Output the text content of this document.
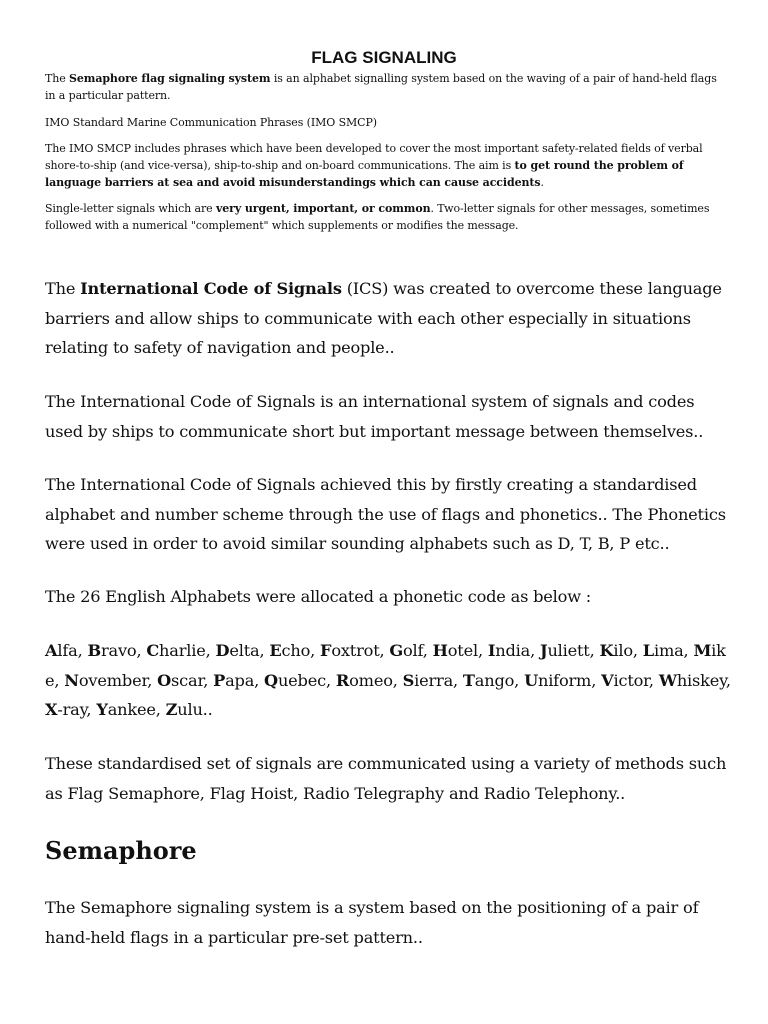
FLAG SIGNALING

The Semaphore flag signaling system is an alphabet signalling system based on the waving of a pair of hand-held flags in a particular pattern.

IMO Standard Marine Communication Phrases (IMO SMCP)

The IMO SMCP includes phrases which have been developed to cover the most important safety-related fields of verbal shore-to-ship (and vice-versa), ship-to-ship and on-board communications. The aim is to get round the problem of language barriers at sea and avoid misunderstandings which can cause accidents.

Single-letter signals which are very urgent, important, or common. Two-letter signals for other messages, sometimes followed with a numerical "complement" which supplements or modifies the message.

The International Code of Signals (ICS) was created to overcome these language barriers and allow ships to communicate with each other especially in situations relating to safety of navigation and people..

The International Code of Signals is an international system of signals and codes used by ships to communicate short but important message between themselves..

The International Code of Signals achieved this by firstly creating a standardised alphabet and number scheme through the use of flags and phonetics.. The Phonetics were used in order to avoid similar sounding alphabets such as D, T, B, P etc..

The 26 English Alphabets were allocated a phonetic code as below :

Alfa, Bravo, Charlie, Delta, Echo, Foxtrot, Golf, Hotel, India, Juliett, Kilo, Lima, Mike, November, Oscar, Papa, Quebec, Romeo, Sierra, Tango, Uniform, Victor, Whiskey, X-ray, Yankee, Zulu..

These standardised set of signals are communicated using a variety of methods such as Flag Semaphore, Flag Hoist, Radio Telegraphy and Radio Telephony..

Semaphore

The Semaphore signaling system is a system based on the positioning of a pair of hand-held flags in a particular pre-set pattern..
